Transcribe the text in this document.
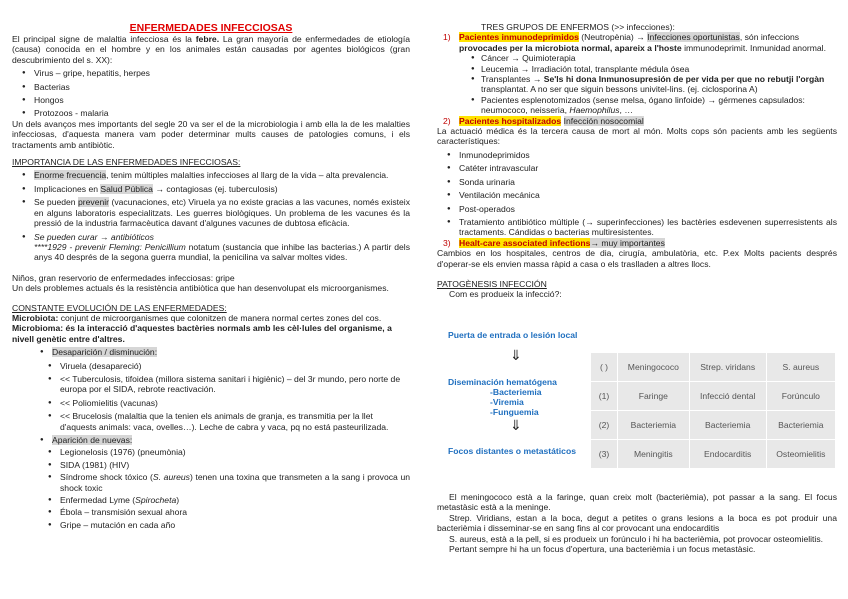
ENFERMEDADES INFECCIOSAS

El principal signe de malaltia infecciosa és la febre. La gran mayoría de enfermedades de etiología (causa) conocida en el hombre y en los animales están causadas por agentes biológicos (gran descubrimiento del s. XX):

● Virus – gripe, hepatitis, herpes
● Bacterias
● Hongos
● Protozoos - malaria

Un dels avanços mes importants del segle 20 va ser el de la microbiologia i amb ella la de les malalties infecciosas, d'aquesta manera vam poder determinar mults causes de patologies comuns, i els tractaments amb antibiòtic.

IMPORTANCIA DE LAS ENFERMEDADES INFECCIOSAS:

● Enorme frecuencia, tenim múltiples malalties infeccioses al llarg de la vida – alta prevalencia.
● Implicaciones en Salud Pública → contagiosas (ej. tuberculosis)
● Se pueden prevenir (vacunaciones, etc) Viruela ya no existe gracias a las vacunes, només existeix en alguns laboratoris especialitzats. Les guerres biològiques. Un problema de les vacunes és la pressió de la industria farmacèutica davant d'algunes vacunes de dubtosa eficàcia.
● Se pueden curar → antibióticos
****1929 - prevenir Fleming: Penicillium notatum (sustancia que inhibe las bacterias.) A partir dels anys 40 després de la segona guerra mundial, la penicilina va salvar moltes vides.

Niños, gran reservorio de enfermedades infecciosas: gripe

Un dels problemes actuals és la resistència antibiòtica que han desenvolupat els microorganismes.

CONSTANTE EVOLUCIÓN DE LAS ENFERMEDADES:

Microbiota: conjunt de microorganismes que colonitzen de manera normal certes zones del cos.

Microbioma: és la interacció d'aquestes bactèries normals amb les cèl·lules del organisme, a nivell genètic entre d'altres.

● Desaparición / disminución:
● Viruela (desapareció)
● << Tuberculosis, tifoidea (millora sistema sanitari i higiènic) – del 3r mundo, pero norte de europa por el SIDA, rebrote reactivación.
● << Poliomielitis (vacunas)
● << Brucelosis (malaltia que la tenien els animals de granja, es transmitia per la llet d'aquests animals: vaca, ovelles…). Leche de cabra y vaca, pq no está pasteurilizada.
● Aparición de nuevas:
● Legionelosis (1976) (pneumònia)
● SIDA (1981) (HIV)
● Síndrome shock tóxico (S. aureus) tenen una toxina que transmeten a la sang i provoca un shock toxic
● Enfermedad Lyme (Spirocheta)
● Ébola – transmisión sexual ahora
● Gripe – mutación en cada año

TRES GRUPOS DE ENFERMOS (>> infecciones):

1) Pacientes inmunodeprimidos (Neutropènia) → Infecciones oportunistas, són infeccions provocades per la microbiota normal, apareix a l'hoste immunodeprimit. Inmunidad anormal.
● Cáncer → Quimioterapia
● Leucemia → Irradiación total, transplante médula ósea
● Transplantes → Se'ls hi dona Inmunosupresión de per vida per que no rebutji l'orgàn transplantat. A no ser que siguin bessons univitel-lins. (ej. ciclosporina A)
● Pacientes esplenotomizados (sense melsa, ógano linfoide) → gérmenes capsulados: neumococo, neisseria, Haemophilus, …
2) Pacientes hospitalizados Infección nosocomial

La actuació médica és la tercera causa de mort al món. Molts cops són pacients amb les següents característiques:

● Inmunodeprimidos
● Catéter intravascular
● Sonda urinaria
● Ventilación mecánica
● Post-operados
● Tratamiento antibiótico múltiple (→ superinfecciones) les bactèries esdevenen superresistents als tractaments. Cándidas o bacterias multiresistentes.
3) Healt-care associated infections→ muy importantes

Cambios en los hospitales, centros de dia, cirugía, ambulatòria, etc. P.ex Molts pacients després d'operar-se els envien massa ràpid a casa o els traslladen a altres llocs.

PATOGÈNESIS INFECCIÓN

Com es produeix la infecció?:

Puerta de entrada o lesión local

⇓

Diseminación hematógena

-Bacteriemia

-Viremia

-Funguemia

⇓

Focos distantes o metastáticos

( )	Meningococo	Strep. viridans	S. aureus
(1)	Faringe	Infecció dental	Forúnculo
(2)	Bacteriemia	Bacteriemia	Bacteriemia
(3)	Meningitis	Endocarditis	Osteomielitis

El meningococo està a la faringe, quan creix molt (bacterièmia), pot passar a la sang. El focus metastàsic està a la meninge.

Strep. Viridians, estan a la boca, degut a petites o grans lesions a la boca es pot produir una bacterièmia i disseminar-se en sang fins al cor provocant una endocarditis

S. aureus, està a la pell, si es produeix un forúnculo i hi ha bacterièmia, pot provocar osteomielitis.

Pertant sempre hi ha un focus d'opertura, una bacterièmia i un focus metastàsic.
